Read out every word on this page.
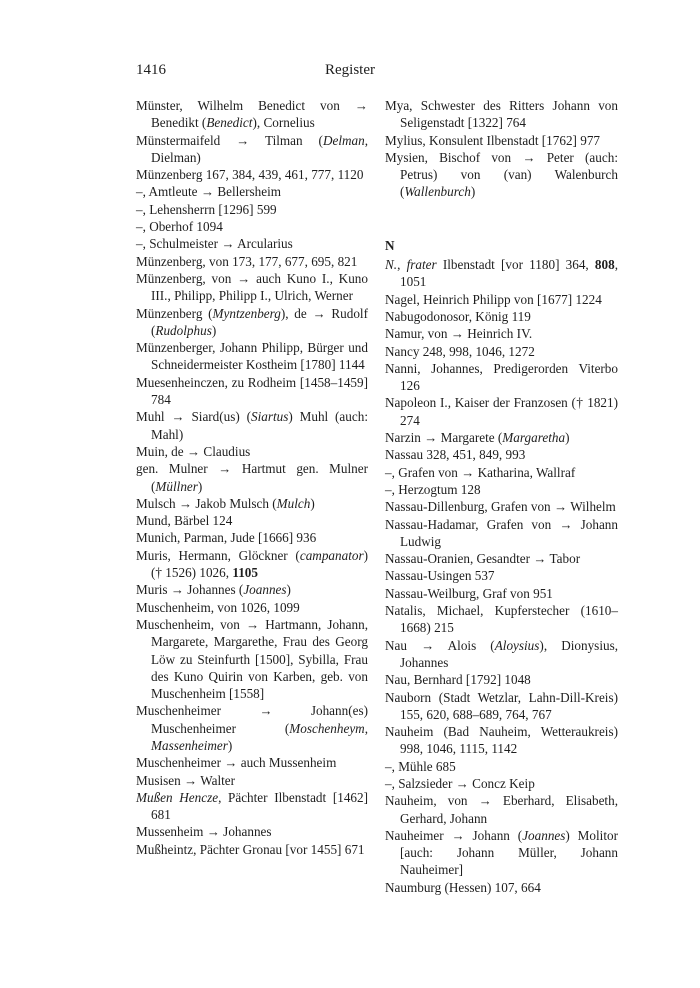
1416	Register
Münster, Wilhelm Benedict von → Benedikt (Benedict), Cornelius
Münstermaifeld → Tilman (Delman, Dielman)
Münzenberg 167, 384, 439, 461, 777, 1120
–, Amtleute → Bellersheim
–, Lehensherrn [1296] 599
–, Oberhof 1094
–, Schulmeister → Arcularius
Münzenberg, von 173, 177, 677, 695, 821
Münzenberg, von → auch Kuno I., Kuno III., Philipp, Philipp I., Ulrich, Werner
Münzenberg (Myntzenberg), de → Rudolf (Rudolphus)
Münzenberger, Johann Philipp, Bürger und Schneidermeister Kostheim [1780] 1144
Muesenheinczen, zu Rodheim [1458–1459] 784
Muhl → Siard(us) (Siartus) Muhl (auch: Mahl)
Muin, de → Claudius
gen. Mulner → Hartmut gen. Mulner (Müllner)
Mulsch → Jakob Mulsch (Mulch)
Mund, Bärbel 124
Munich, Parman, Jude [1666] 936
Muris, Hermann, Glöckner (campanator) († 1526) 1026, 1105
Muris → Johannes (Joannes)
Muschenheim, von 1026, 1099
Muschenheim, von → Hartmann, Johann, Margarete, Margarethe, Frau des Georg Löw zu Steinfurth [1500], Sybilla, Frau des Kuno Quirin von Karben, geb. von Muschenheim [1558]
Muschenheimer → Johann(es) Muschenheimer (Moschenheym, Massenheimer)
Muschenheimer → auch Mussenheim
Musisen → Walter
Mußen Hencze, Pächter Ilbenstadt [1462] 681
Mussenheim → Johannes
Mußheintz, Pächter Gronau [vor 1455] 671
Mya, Schwester des Ritters Johann von Seligenstadt [1322] 764
Mylius, Konsulent Ilbenstadt [1762] 977
Mysien, Bischof von → Peter (auch: Petrus) von (van) Walenburch (Wallenburch)
N
N., frater Ilbenstadt [vor 1180] 364, 808, 1051
Nagel, Heinrich Philipp von [1677] 1224
Nabugodonosor, König 119
Namur, von → Heinrich IV.
Nancy 248, 998, 1046, 1272
Nanni, Johannes, Predigerorden Viterbo 126
Napoleon I., Kaiser der Franzosen († 1821) 274
Narzin → Margarete (Margaretha)
Nassau 328, 451, 849, 993
–, Grafen von → Katharina, Wallraf
–, Herzogtum 128
Nassau-Dillenburg, Grafen von → Wilhelm
Nassau-Hadamar, Grafen von → Johann Ludwig
Nassau-Oranien, Gesandter → Tabor
Nassau-Usingen 537
Nassau-Weilburg, Graf von 951
Natalis, Michael, Kupferstecher (1610–1668) 215
Nau → Alois (Aloysius), Dionysius, Johannes
Nau, Bernhard [1792] 1048
Nauborn (Stadt Wetzlar, Lahn-Dill-Kreis) 155, 620, 688–689, 764, 767
Nauheim (Bad Nauheim, Wetteraukreis) 998, 1046, 1115, 1142
–, Mühle 685
–, Salzsieder → Concz Keip
Nauheim, von → Eberhard, Elisabeth, Gerhard, Johann
Nauheimer → Johann (Joannes) Molitor [auch: Johann Müller, Johann Nauheimer]
Naumburg (Hessen) 107, 664
